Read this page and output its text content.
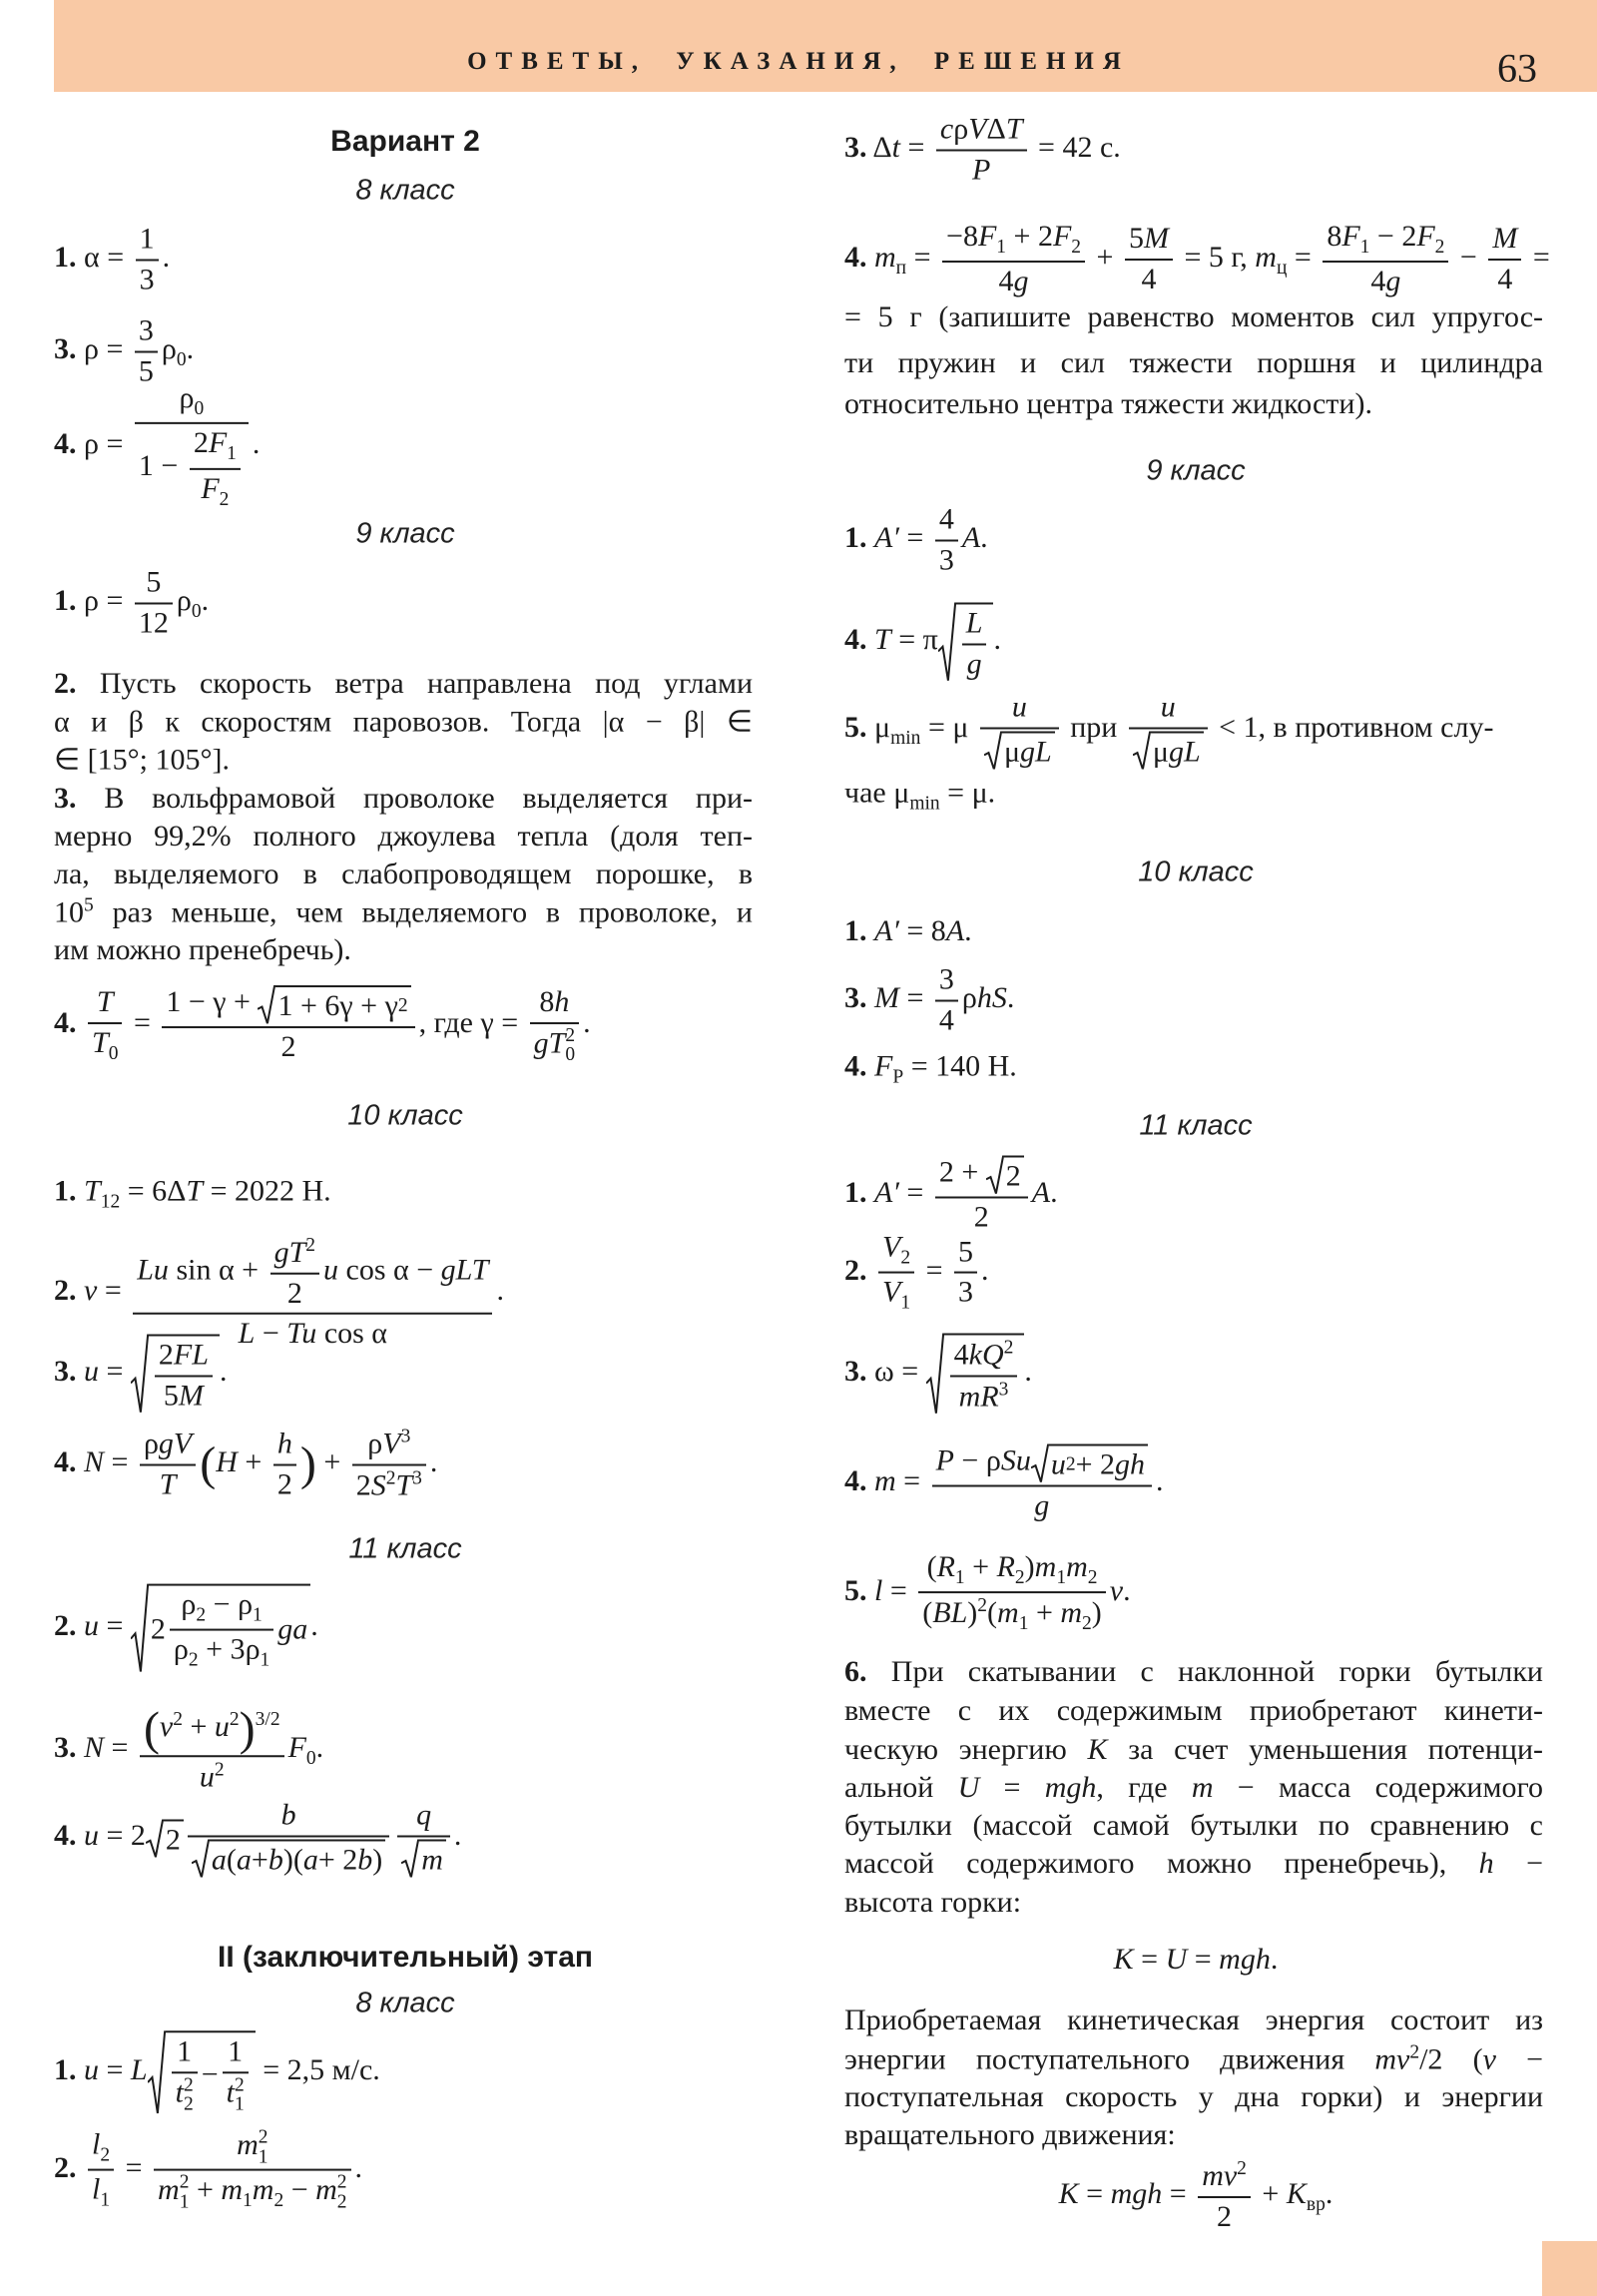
ОТВЕТЫ, УКАЗАНИЯ, РЕШЕНИЯ	63
Вариант 2
8 класс
1. $\alpha = \frac{1}{3}$ .
3. $\rho = \frac{3}{5} \rho_0$.
4. $\rho = \frac{\rho_0}{1 - \frac{2F_1}{F_2}}$ .
9 класс
1. $\rho = \frac{5}{12} \rho_0$.
2. Пусть скорость ветра направлена под углами
α и β к скоростям паровозов. Тогда |α − β| ∈
∈ [15°; 105°].
3. В вольфрамовой проволоке выделяется при-
мерно 99,2% полного джоулева тепла (доля теп-
ла, выделяемого в слабопроводящем порошке, в
$10^5$ раз меньше, чем выделяемого в проволоке, и
им можно пренебречь).
4. $\frac{T}{T_0} = \frac{1 - \gamma + 1 + 6\gamma + \gamma 2}{2}$ , где γ = 8h
gT 2
0 .
10 класс
1. $T_{12} = 6\Delta T = 2022$ Н.
2. $v = \frac{Lu \sin \alpha + \frac{gT^2}{2} u \cos \alpha - gLT}{\text{L − Tu cos α}}$ .
3. $u = \frac{2FL}{5M}$ .
4. $N = \frac{\text{ρgV}}{T} (H + \frac{h}{2}$ ) + $\frac{\rho V^3}{2S^2T^3}$ .
11 класс
2. $u = 2 \frac{\rho_2 - \rho_1}{\rho_2 + 3\rho_1}$ ga .
3. $N = \frac{(v^2 + u^2)^{3/2}}{u^2} F_0$.
4. u = 2 $2 \frac{b}{a ( a + b )( a + 2 b )} \frac{q}{m}$ .
II (заключительный) этап
8 класс
1. u = L 1
t 2
2 − 1
t 2
1 = 2,5 м/с.
2. $\frac{l_2}{l_1} = m$ 2
1
m 2
$1 + m_1m_2 - m$ 2
2 .
3. $\Delta t = \frac{\text{cρVΔT}}{P} = 42$ с.
4. $m_п = \frac{-8F_1 + 2F_2}{4g} + \frac{5M}{4} = 5$ г, $m_ц = \frac{8F_1 - 2F_2}{4g} - \frac{M}{4}$ =
= 5 г (запишите равенство моментов сил упругос-
ти пружин и сил тяжести поршня и цилиндра
относительно центра тяжести жидкости).
9 класс
1. $A' = \frac{4}{3} A$.
4. T = π $\frac{L}{g}$ .
5. $\mu_{min} = \mu \frac{u}{\text{μ gL}}$ при $\frac{u}{\text{μ gL}} < 1$, в противном слу-
чае $\mu_{min} = \mu$.
10 класс
1. A′ = 8A.
3. $M = \frac{3}{4} \rho hS$.
4. $F_P = 140$ Н.
11 класс
1. $A' = \frac{2 + 2}{2} A$.
2. $\frac{V_2}{V_1} = \frac{5}{3}$ .
3. $\omega = \frac{4kQ^2}{mR^3}$ .
4. $m = \frac{\text{P − ρSu u 2 + 2 gh}}{g}$ .
5. $l = \frac{(R_1 + R_2)m_1m_2}{(BL)^2(m_1 + m_2)} v$.
6. При скатывании с наклонной горки бутылки
вместе с их содержимым приобретают кинети-
ческую энергию K за счет уменьшения потенци-
альной U = mgh, где m − масса содержимого
бутылки (массой самой бутылки по сравнению с
массой содержимого можно пренебречь), h −
высота горки:
K = U = mgh.
Приобретаемая кинетическая энергия состоит из
энергии поступательного движения $mv^2/2$ (v −
поступательная скорость у дна горки) и энергии
вращательного движения:
K = mgh = $\frac{mv^2}{2} + K_{вр}$.
